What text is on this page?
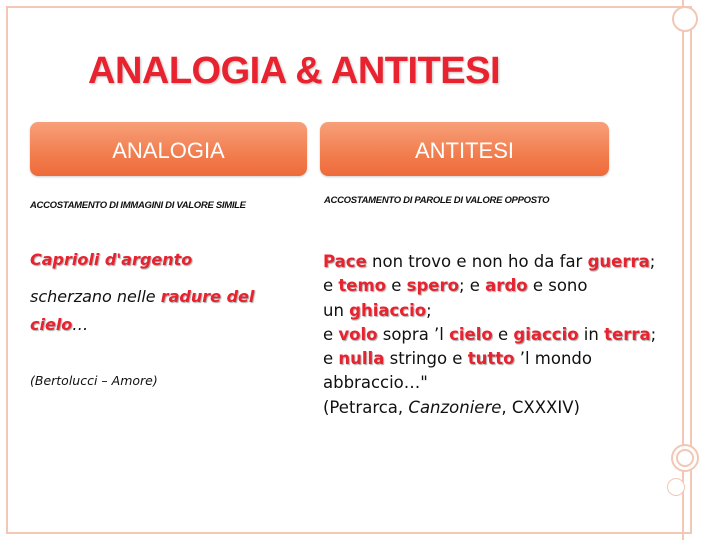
ANALOGIA & ANTITESI
ANALOGIA	ANTITESI
ACCOSTAMENTO DI IMMAGINI DI VALORE SIMILE	ACCOSTAMENTO DI PAROLE DI VALORE OPPOSTO
Caprioli d'argento
scherzano nelle radure del
cielo…
(Bertolucci – Amore)
Pace non trovo e non ho da far guerra;
e temo e spero; e ardo e sono
un ghiaccio;
e volo sopra ’l cielo e giaccio in terra;
e nulla stringo e tutto ’l mondo
abbraccio…"
(Petrarca, Canzoniere, CXXXIV)
